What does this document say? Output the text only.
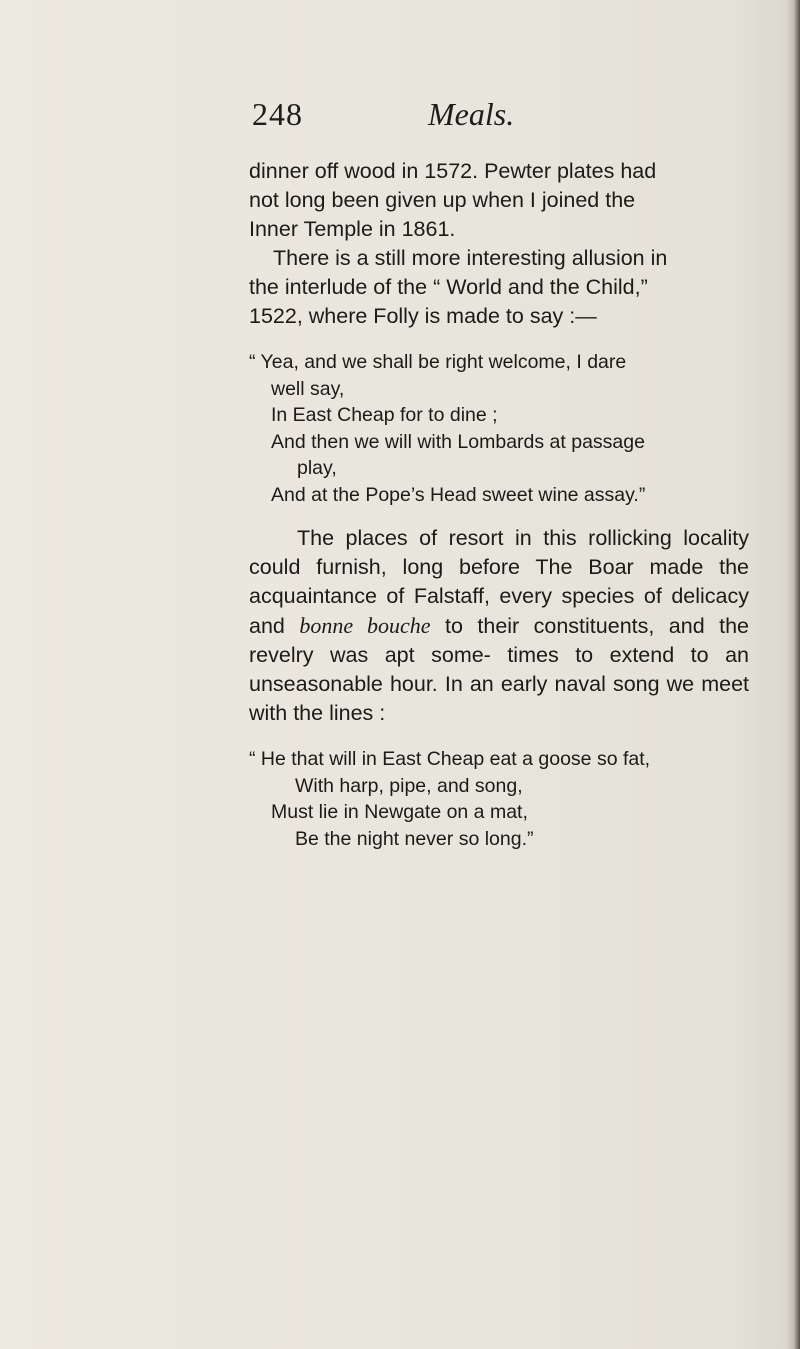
248	Meals.

dinner off wood in 1572. Pewter plates had
not long been given up when I joined the
Inner Temple in 1861.

There is a still more interesting allusion in
the interlude of the “ World and the Child,”
1522, where Folly is made to say :—

“ Yea, and we shall be right welcome, I dare
well say,
In East Cheap for to dine ;
And then we will with Lombards at passage
play,
And at the Pope’s Head sweet wine assay.”

The places of resort in this rollicking locality could furnish, long before The Boar made the acquaintance of Falstaff, every species of delicacy and bonne bouche to their constituents, and the revelry was apt some- times to extend to an unseasonable hour. In an early naval song we meet with the lines :

“ He that will in East Cheap eat a goose so fat,
With harp, pipe, and song,
Must lie in Newgate on a mat,
Be the night never so long.”
